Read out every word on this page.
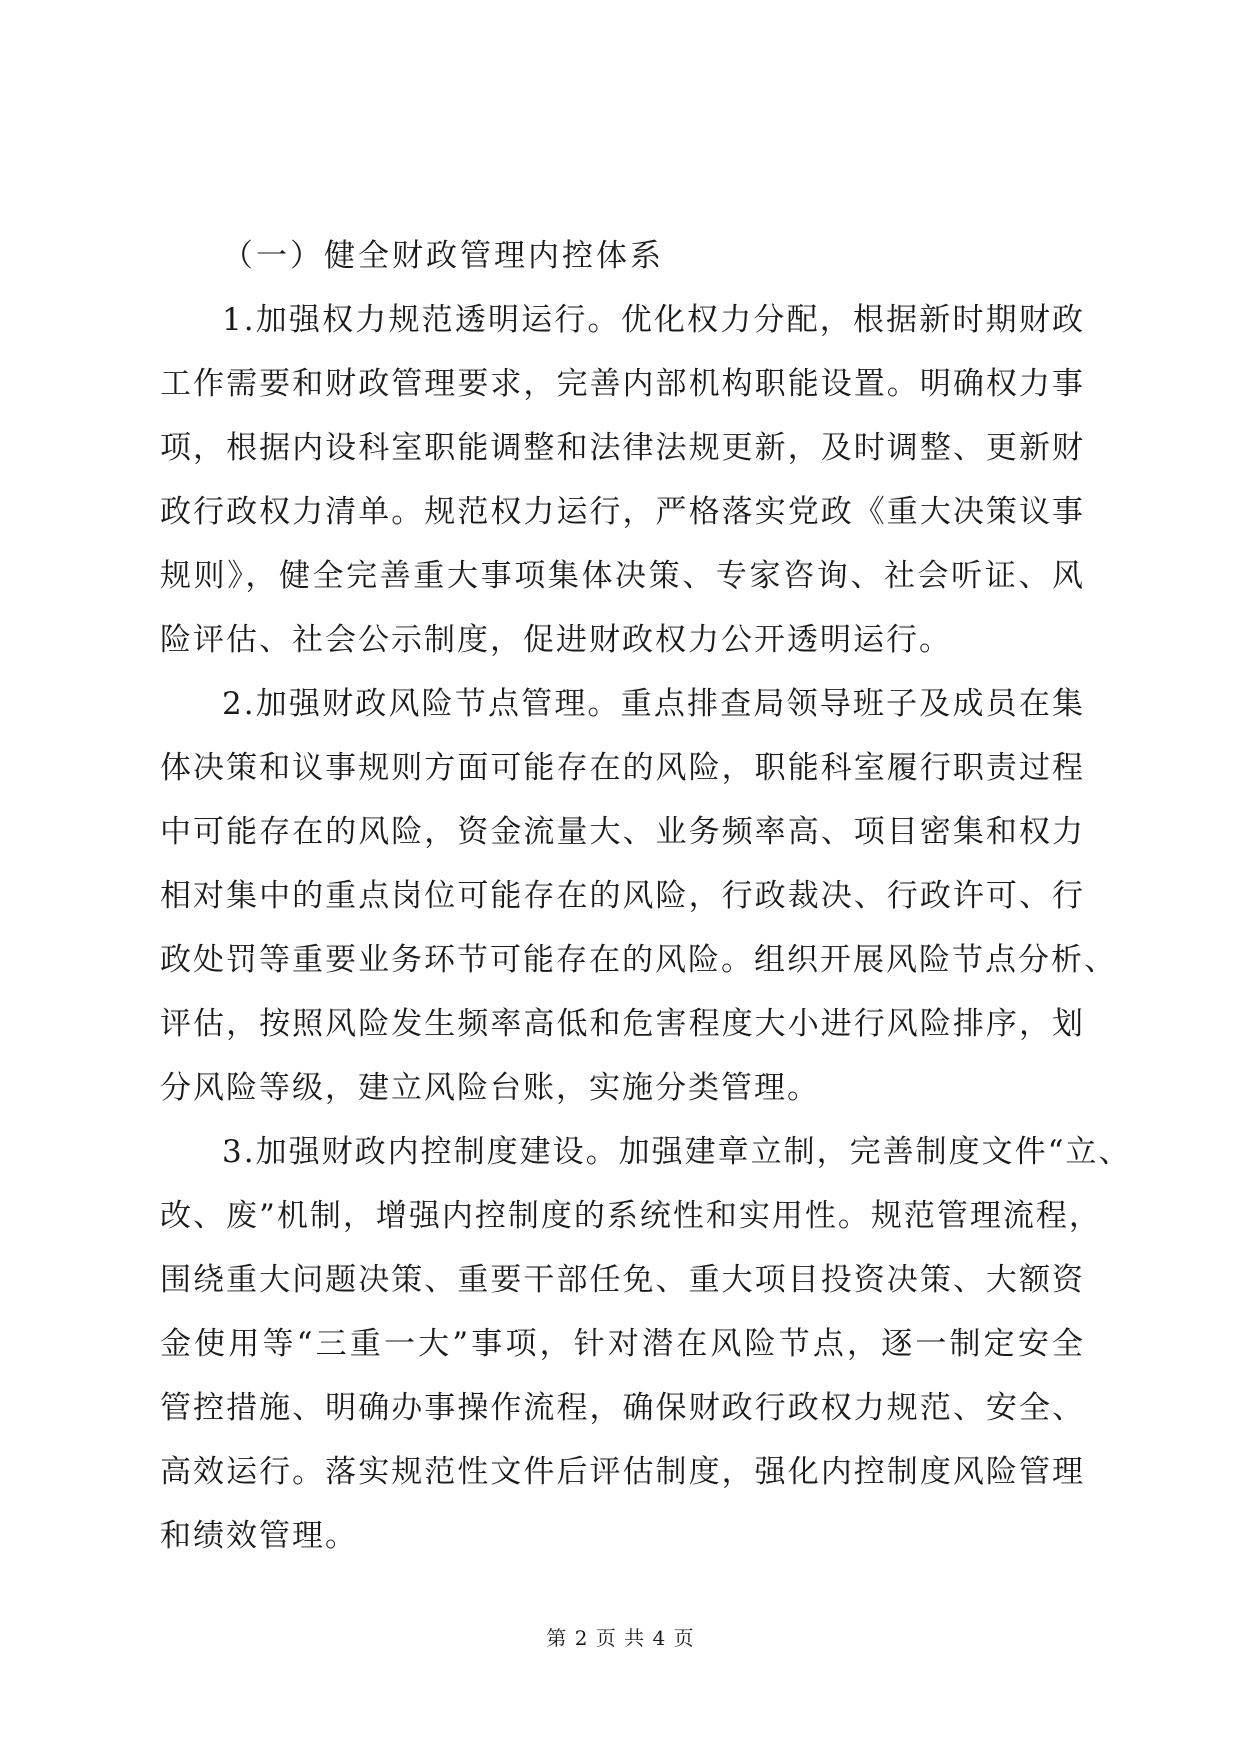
（一）健全财政管理内控体系
1.加强权力规范透明运行。优化权力分配，根据新时期财政
工作需要和财政管理要求，完善内部机构职能设置。明确权力事
项，根据内设科室职能调整和法律法规更新，及时调整、更新财
政行政权力清单。规范权力运行，严格落实党政《重大决策议事
规则》，健全完善重大事项集体决策、专家咨询、社会听证、风
险评估、社会公示制度，促进财政权力公开透明运行。
2.加强财政风险节点管理。重点排查局领导班子及成员在集
体决策和议事规则方面可能存在的风险，职能科室履行职责过程
中可能存在的风险，资金流量大、业务频率高、项目密集和权力
相对集中的重点岗位可能存在的风险，行政裁决、行政许可、行
政处罚等重要业务环节可能存在的风险。组织开展风险节点分析、
评估，按照风险发生频率高低和危害程度大小进行风险排序，划
分风险等级，建立风险台账，实施分类管理。
3.加强财政内控制度建设。加强建章立制，完善制度文件“立、
改、废”机制，增强内控制度的系统性和实用性。规范管理流程，
围绕重大问题决策、重要干部任免、重大项目投资决策、大额资
金使用等“三重一大”事项，针对潜在风险节点，逐一制定安全
管控措施、明确办事操作流程，确保财政行政权力规范、安全、
高效运行。落实规范性文件后评估制度，强化内控制度风险管理
和绩效管理。
第 2 页 共 4 页
